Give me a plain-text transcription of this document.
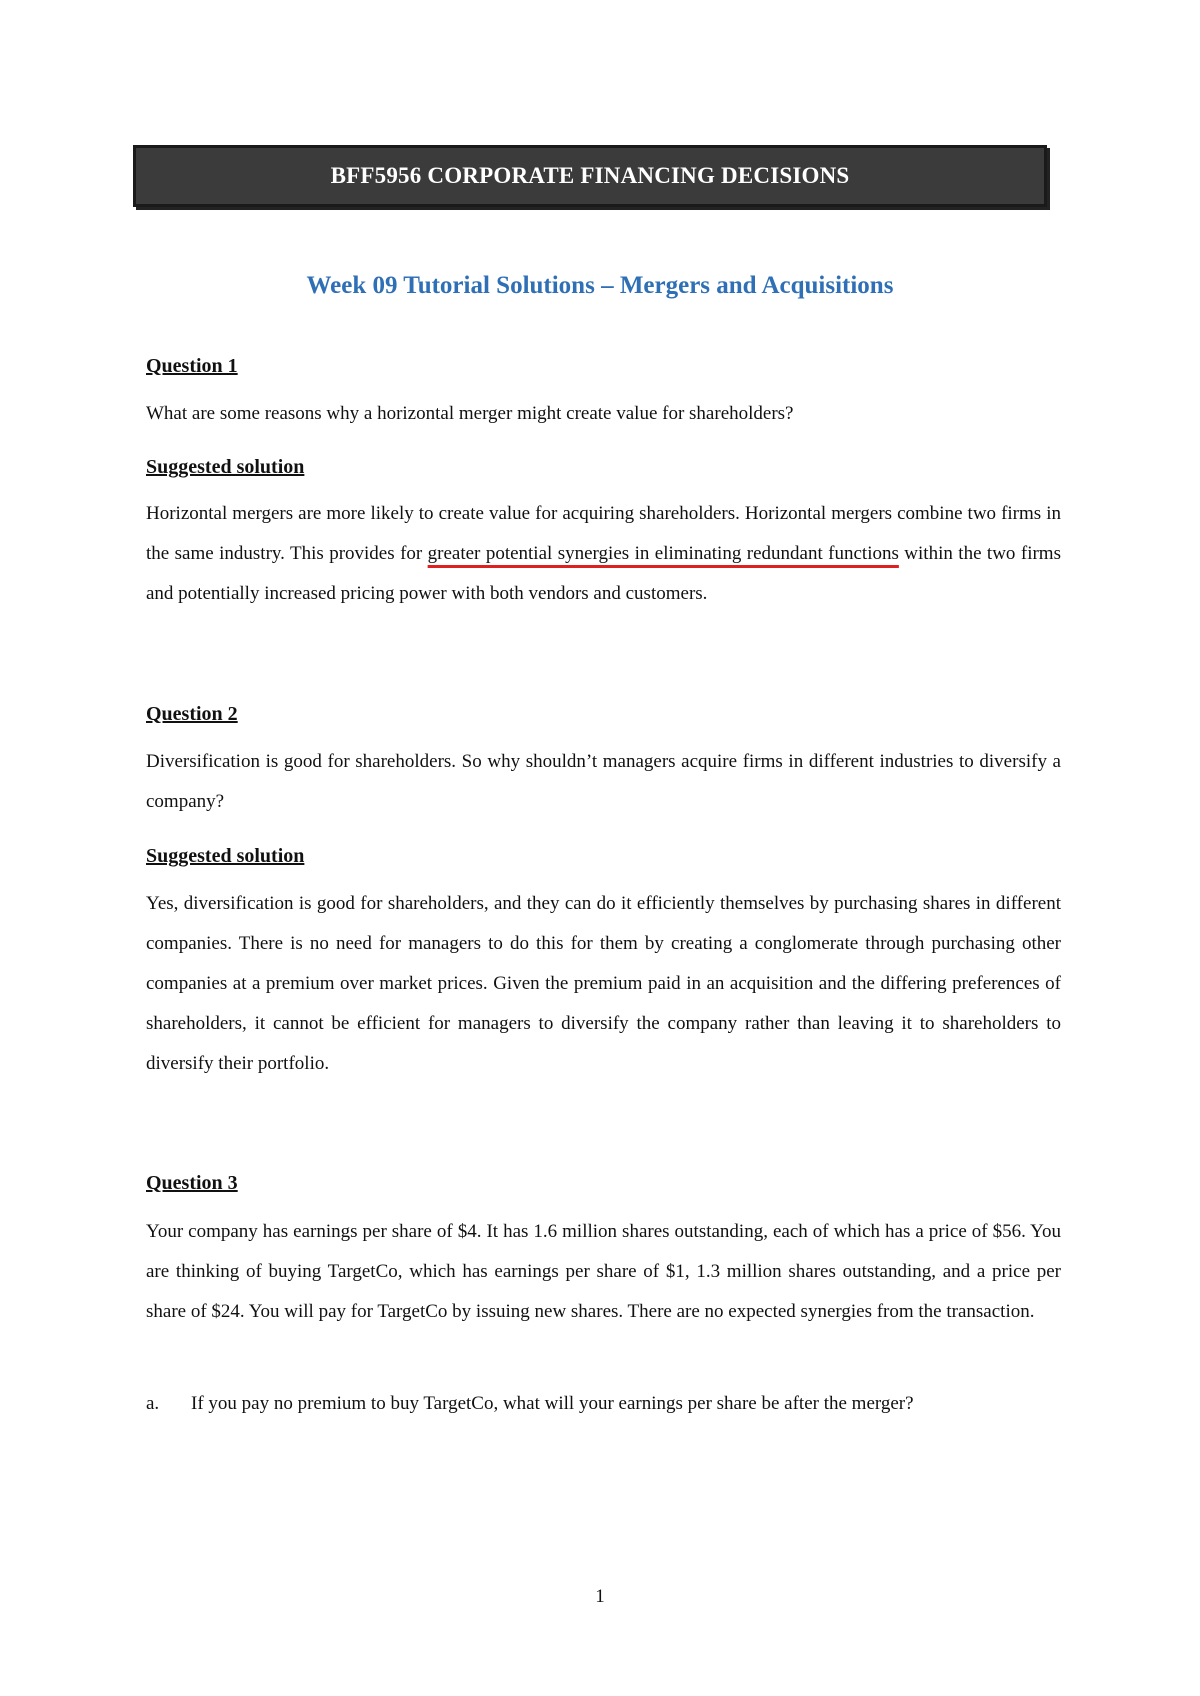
BFF5956 CORPORATE FINANCING DECISIONS
Week 09 Tutorial Solutions – Mergers and Acquisitions
Question 1
What are some reasons why a horizontal merger might create value for shareholders?
Suggested solution
Horizontal mergers are more likely to create value for acquiring shareholders. Horizontal mergers combine two firms in the same industry. This provides for greater potential synergies in eliminating redundant functions within the two firms and potentially increased pricing power with both vendors and customers.
Question 2
Diversification is good for shareholders. So why shouldn’t managers acquire firms in different industries to diversify a company?
Suggested solution
Yes, diversification is good for shareholders, and they can do it efficiently themselves by purchasing shares in different companies. There is no need for managers to do this for them by creating a conglomerate through purchasing other companies at a premium over market prices. Given the premium paid in an acquisition and the differing preferences of shareholders, it cannot be efficient for managers to diversify the company rather than leaving it to shareholders to diversify their portfolio.
Question 3
Your company has earnings per share of $4. It has 1.6 million shares outstanding, each of which has a price of $56. You are thinking of buying TargetCo, which has earnings per share of $1, 1.3 million shares outstanding, and a price per share of $24. You will pay for TargetCo by issuing new shares. There are no expected synergies from the transaction.
a.	If you pay no premium to buy TargetCo, what will your earnings per share be after the merger?
1
